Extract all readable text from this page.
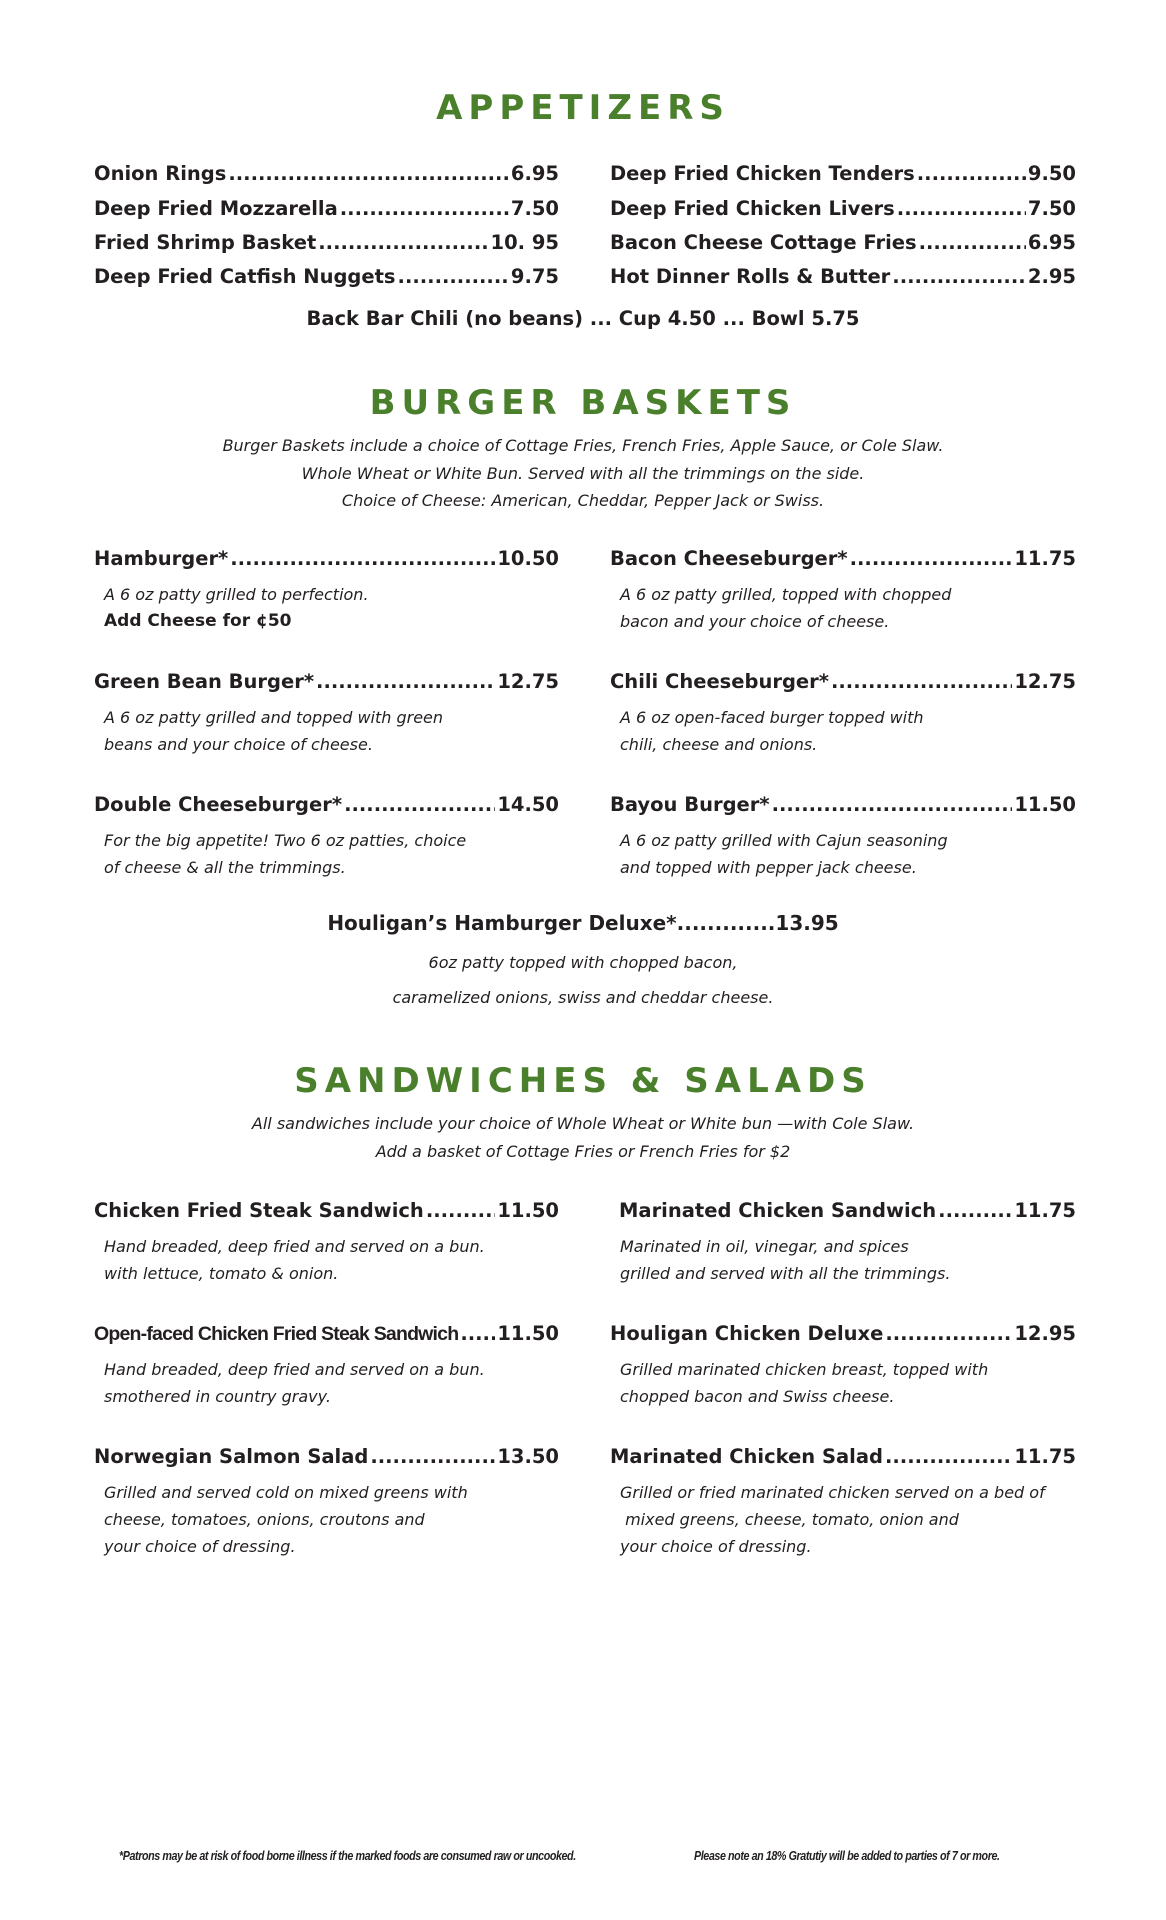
APPETIZERS
Onion Rings .....	6.95
Deep Fried Mozzarella .....	7.50
Fried Shrimp Basket .....	10. 95
Deep Fried Catfish Nuggets .....	9.75
Deep Fried Chicken Tenders .....	9.50
Deep Fried Chicken Livers .....	7.50
Bacon Cheese Cottage Fries .....	6.95
Hot Dinner Rolls & Butter .....	2.95
Back Bar Chili (no beans) ... Cup 4.50 ... Bowl 5.75
BURGER BASKETS
Burger Baskets include a choice of Cottage Fries, French Fries, Apple Sauce, or Cole Slaw.
Whole Wheat or White Bun. Served with all the trimmings on the side.
Choice of Cheese: American, Cheddar, Pepper Jack or Swiss.
Hamburger* .....	10.50
A 6 oz patty grilled to perfection.
Add Cheese for ¢50
Bacon Cheeseburger* .....	11.75
A 6 oz patty grilled, topped with chopped
bacon and your choice of cheese.
Green Bean Burger* .....	12.75
A 6 oz patty grilled and topped with green
beans and your choice of cheese.
Chili Cheeseburger* .....	12.75
A 6 oz open-faced burger topped with
chili, cheese and onions.
Double Cheeseburger* .....	14.50
For the big appetite! Two 6 oz patties, choice
of cheese & all the trimmings.
Bayou Burger* .....	11.50
A 6 oz patty grilled with Cajun seasoning
and topped with pepper jack cheese.
Houligan’s Hamburger Deluxe*.............13.95
6oz patty topped with chopped bacon,
caramelized onions, swiss and cheddar cheese.
SANDWICHES & SALADS
All sandwiches include your choice of Whole Wheat or White bun —with Cole Slaw.
Add a basket of Cottage Fries or French Fries for $2
Chicken Fried Steak Sandwich .....	11.50
Hand breaded, deep fried and served on a bun.
with lettuce, tomato & onion.
Marinated Chicken Sandwich .....	11.75
Marinated in oil, vinegar, and spices
grilled and served with all the trimmings.
Open-faced Chicken Fried Steak Sandwich ..... 11.50
Hand breaded, deep fried and served on a bun.
smothered in country gravy.
Houligan Chicken Deluxe .....	12.95
Grilled marinated chicken breast, topped with
chopped bacon and Swiss cheese.
Norwegian Salmon Salad .....	13.50
Grilled and served cold on mixed greens with
cheese, tomatoes, onions, croutons and
your choice of dressing.
Marinated Chicken Salad .....	11.75
Grilled or fried marinated chicken served on a bed of
mixed greens, cheese, tomato, onion and
your choice of dressing.
*Patrons may be at risk of food borne illness if the marked foods are consumed raw or uncooked.	Please note an 18% Gratutiy will be added to parties of 7 or more.
